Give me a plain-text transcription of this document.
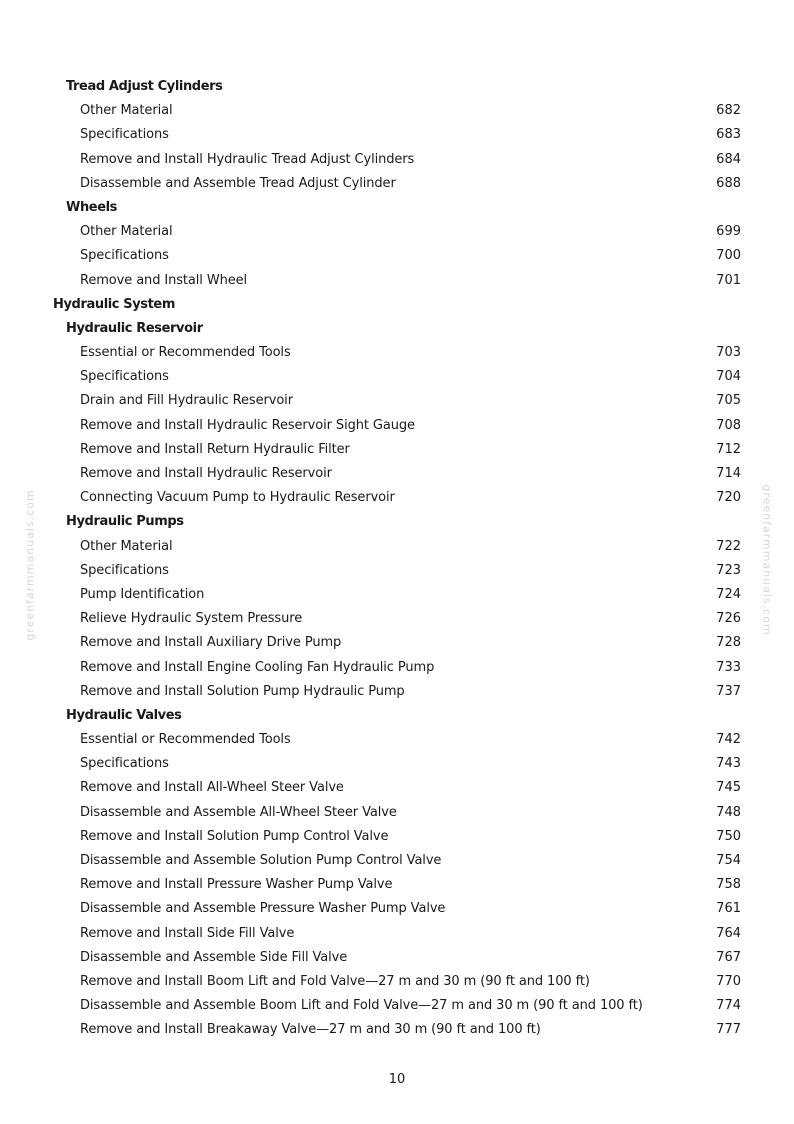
greenfarmmanuals.com	greenfarmmanuals.com
Tread Adjust Cylinders
Other Material	682
Specifications	683
Remove and Install Hydraulic Tread Adjust Cylinders	684
Disassemble and Assemble Tread Adjust Cylinder	688
Wheels
Other Material	699
Specifications	700
Remove and Install Wheel	701
Hydraulic System
Hydraulic Reservoir
Essential or Recommended Tools	703
Specifications	704
Drain and Fill Hydraulic Reservoir	705
Remove and Install Hydraulic Reservoir Sight Gauge	708
Remove and Install Return Hydraulic Filter	712
Remove and Install Hydraulic Reservoir	714
Connecting Vacuum Pump to Hydraulic Reservoir	720
Hydraulic Pumps
Other Material	722
Specifications	723
Pump Identification	724
Relieve Hydraulic System Pressure	726
Remove and Install Auxiliary Drive Pump	728
Remove and Install Engine Cooling Fan Hydraulic Pump	733
Remove and Install Solution Pump Hydraulic Pump	737
Hydraulic Valves
Essential or Recommended Tools	742
Specifications	743
Remove and Install All-Wheel Steer Valve	745
Disassemble and Assemble All-Wheel Steer Valve	748
Remove and Install Solution Pump Control Valve	750
Disassemble and Assemble Solution Pump Control Valve	754
Remove and Install Pressure Washer Pump Valve	758
Disassemble and Assemble Pressure Washer Pump Valve	761
Remove and Install Side Fill Valve	764
Disassemble and Assemble Side Fill Valve	767
Remove and Install Boom Lift and Fold Valve—27 m and 30 m (90 ft and 100 ft)	770
Disassemble and Assemble Boom Lift and Fold Valve—27 m and 30 m (90 ft and 100 ft)	774
Remove and Install Breakaway Valve—27 m and 30 m (90 ft and 100 ft)	777
10
